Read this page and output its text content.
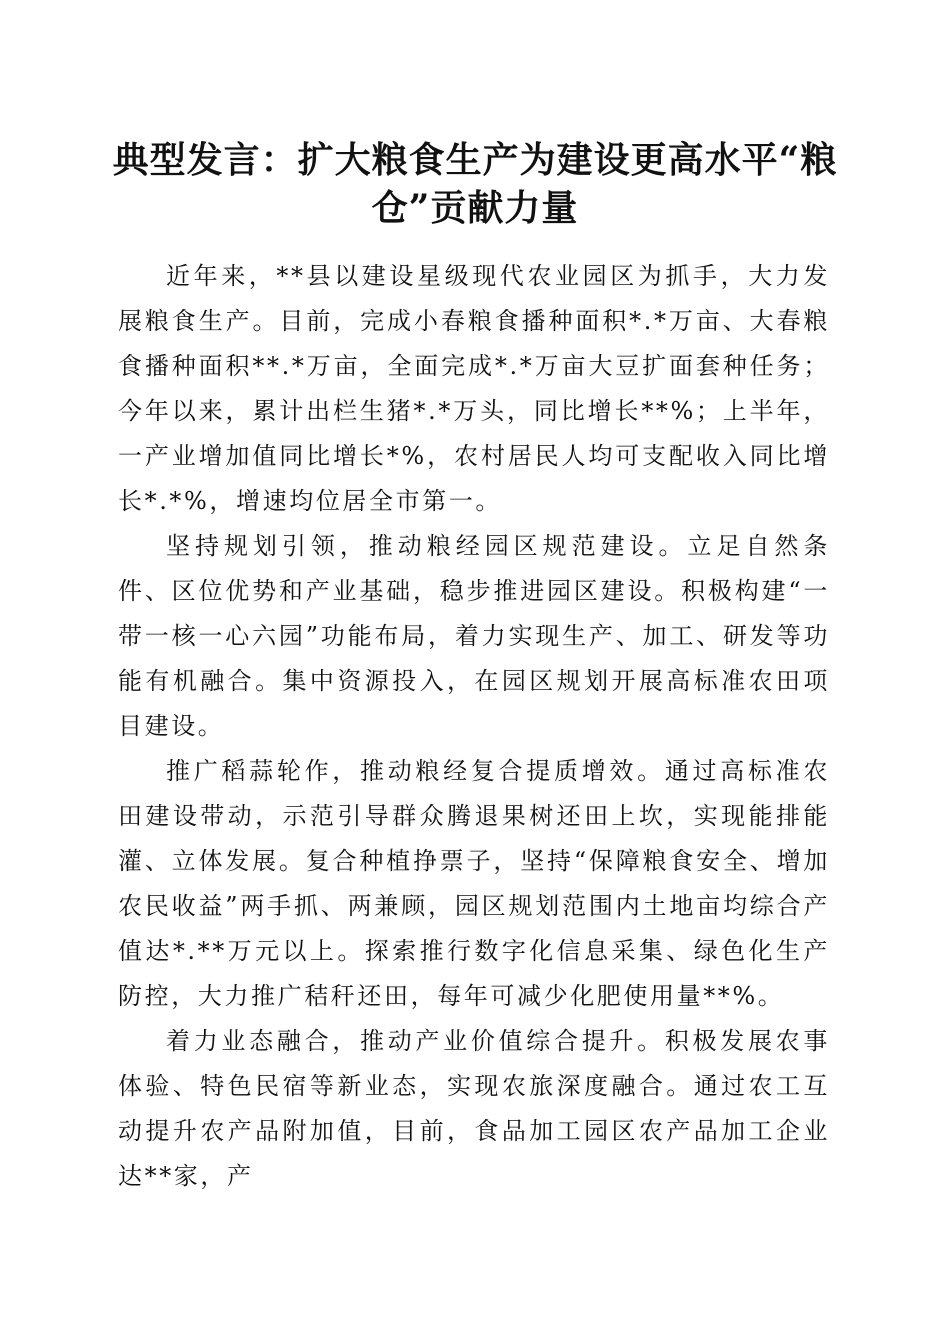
典型发言：扩大粮食生产为建设更高水平“粮仓”贡献力量

近年来，**县以建设星级现代农业园区为抓手，大力发展粮食生产。目前，完成小春粮食播种面积*.*万亩、大春粮食播种面积**.*万亩，全面完成*.*万亩大豆扩面套种任务；今年以来，累计出栏生猪*.*万头，同比增长**%；上半年，一产业增加值同比增长*%，农村居民人均可支配收入同比增长*.*%，增速均位居全市第一。

坚持规划引领，推动粮经园区规范建设。立足自然条件、区位优势和产业基础，稳步推进园区建设。积极构建“一带一核一心六园”功能布局，着力实现生产、加工、研发等功能有机融合。集中资源投入，在园区规划开展高标准农田项目建设。

推广稻蒜轮作，推动粮经复合提质增效。通过高标准农田建设带动，示范引导群众腾退果树还田上坎，实现能排能灌、立体发展。复合种植挣票子，坚持“保障粮食安全、增加农民收益”两手抓、两兼顾，园区规划范围内土地亩均综合产值达*.**万元以上。探索推行数字化信息采集、绿色化生产防控，大力推广秸秆还田，每年可减少化肥使用量**%。

着力业态融合，推动产业价值综合提升。积极发展农事体验、特色民宿等新业态，实现农旅深度融合。通过农工互动提升农产品附加值，目前，食品加工园区农产品加工企业达**家，产
